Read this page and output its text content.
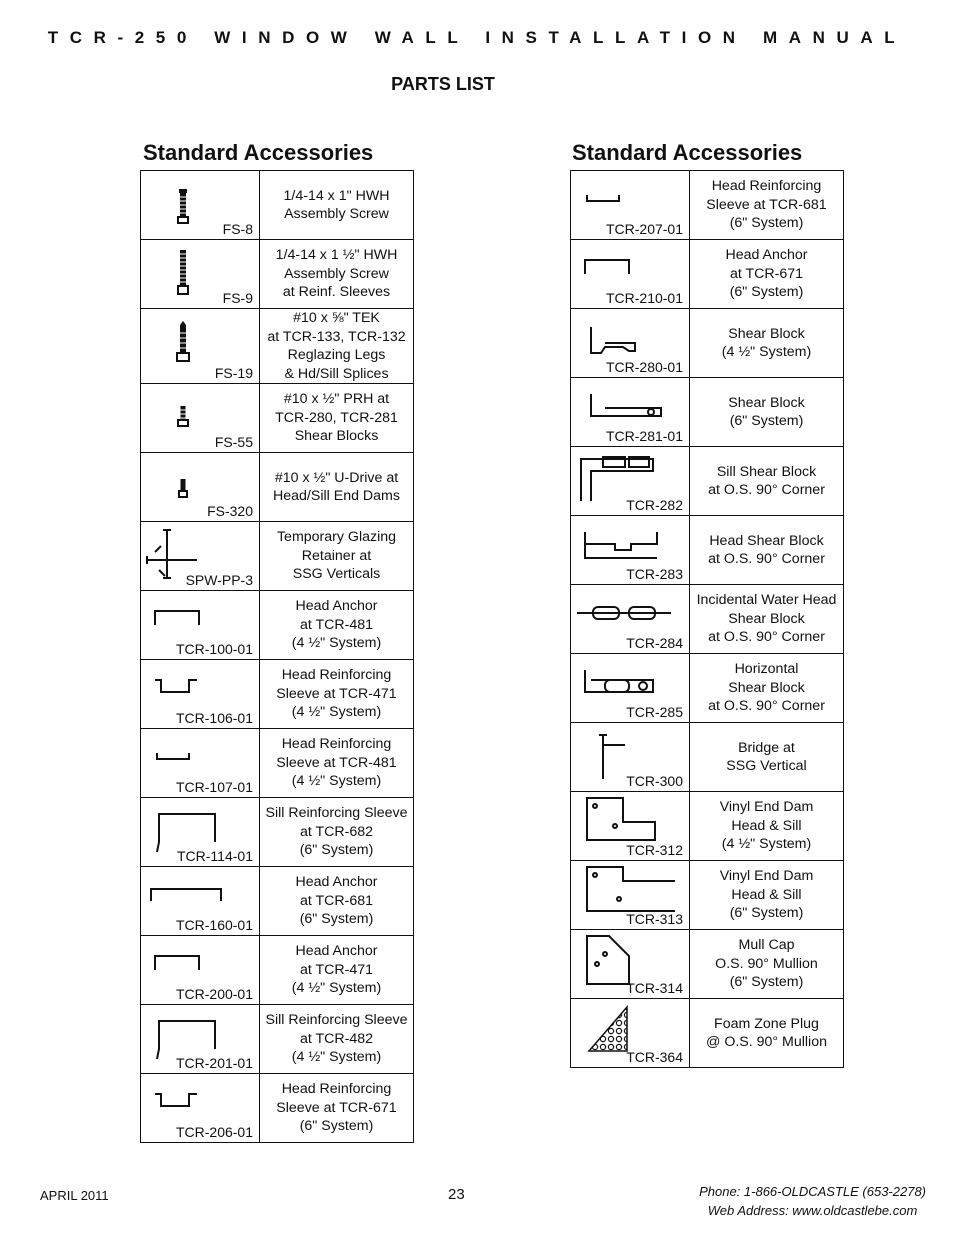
TCR-250 WINDOW WALL INSTALLATION MANUAL
PARTS LIST
Standard Accessories
FS-8	1/4-14 x 1" HWH
Assembly Screw

FS-9	1/4-14 x 1 ½" HWH
Assembly Screw
at Reinf. Sleeves

FS-19	#10 x ⅝" TEK
at TCR-133, TCR-132
Reglazing Legs
& Hd/Sill Splices

FS-55	#10 x ½" PRH at
TCR-280, TCR-281
Shear Blocks

FS-320	#10 x ½" U-Drive at
Head/Sill End Dams

SPW-PP-3	Temporary Glazing
Retainer at
SSG Verticals

TCR-100-01	Head Anchor
at TCR-481
(4 ½" System)

TCR-106-01	Head Reinforcing
Sleeve at TCR-471
(4 ½" System)

TCR-107-01	Head Reinforcing
Sleeve at TCR-481
(4 ½" System)

TCR-114-01	Sill Reinforcing Sleeve
at TCR-682
(6" System)

TCR-160-01	Head Anchor
at TCR-681
(6" System)

TCR-200-01	Head Anchor
at TCR-471
(4 ½" System)

TCR-201-01	Sill Reinforcing Sleeve
at TCR-482
(4 ½" System)

TCR-206-01	Head Reinforcing
Sleeve at TCR-671
(6" System)
Standard Accessories
TCR-207-01	Head Reinforcing
Sleeve at TCR-681
(6" System)

TCR-210-01	Head Anchor
at TCR-671
(6" System)

TCR-280-01	Shear Block
(4 ½" System)

TCR-281-01	Shear Block
(6" System)

TCR-282	Sill Shear Block
at O.S. 90° Corner

TCR-283	Head Shear Block
at O.S. 90° Corner

TCR-284	Incidental Water Head
Shear Block
at O.S. 90° Corner

TCR-285	Horizontal
Shear Block
at O.S. 90° Corner

TCR-300	Bridge at
SSG Vertical

TCR-312	Vinyl End Dam
Head & Sill
(4 ½" System)

TCR-313	Vinyl End Dam
Head & Sill
(6" System)

TCR-314	Mull Cap
O.S. 90° Mullion
(6" System)

TCR-364	Foam Zone Plug
@ O.S. 90° Mullion
APRIL 2011	23	Phone: 1-866-OLDCASTLE (653-2278)
Web Address: www.oldcastlebe.com
